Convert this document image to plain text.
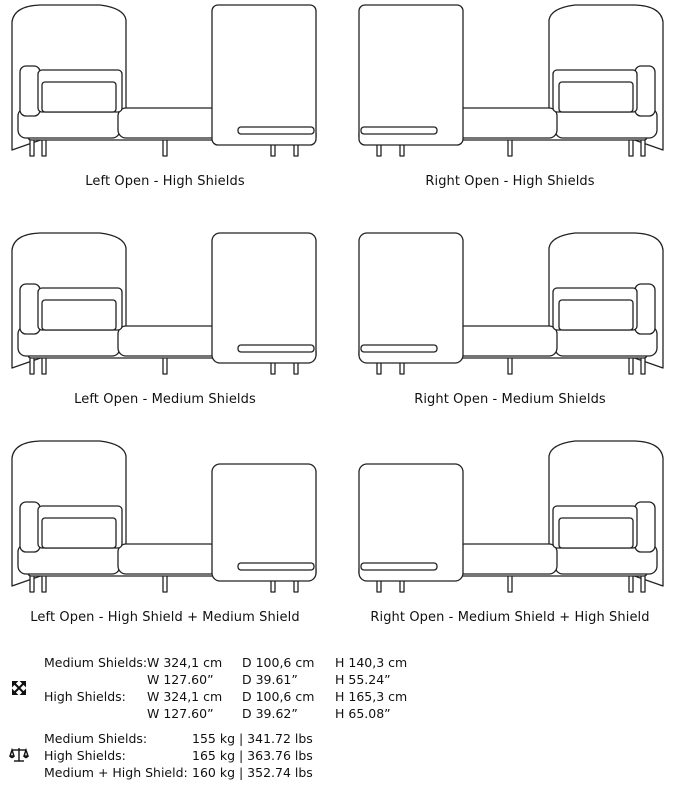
Left Open - High Shields	Right Open - High Shields
Left Open - Medium Shields	Right Open - Medium Shields
Left Open - High Shield + Medium Shield	Right Open - Medium Shield + High Shield
Medium Shields: W 324,1 cm D 100,6 cm H 140,3 cm
W 127.60” D 39.61”	H 55.24”
High Shields: W 324,1 cm D 100,6 cm H 165,3 cm
W 127.60” D 39.62”	H 65.08”
Medium Shields:	155 kg | 341.72 lbs
High Shields:	165 kg | 363.76 lbs
Medium + High Shield: 160 kg | 352.74 lbs
